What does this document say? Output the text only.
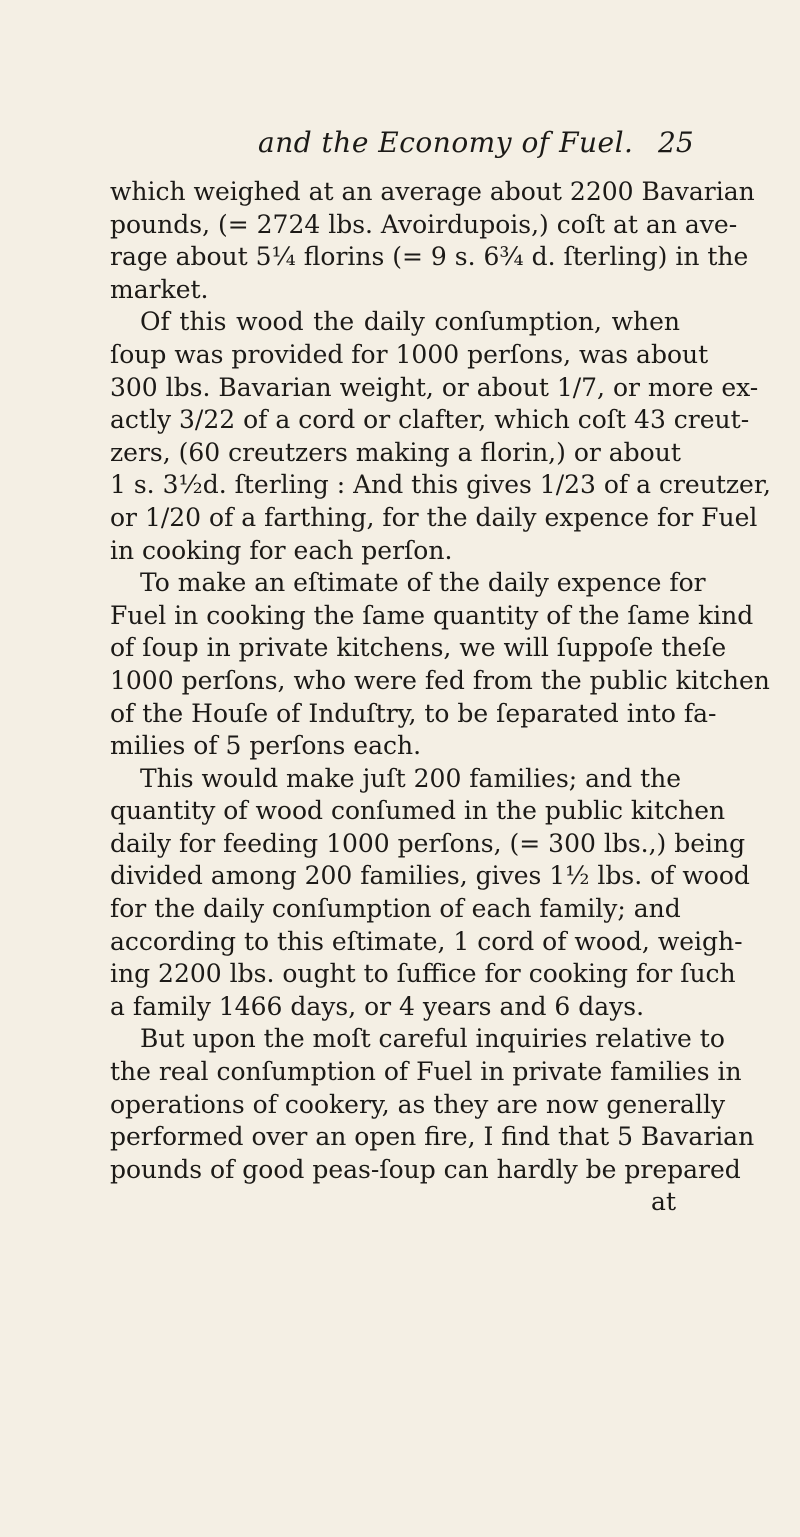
and the Economy of Fuel. 25
which weighed at an average about 2200 Bavarian
pounds, (= 2724 lbs. Avoirdupois,) coſt at an ave-
rage about 5¼ florins (= 9 s. 6¾ d. ſterling) in the
market.
Of this wood the daily conſumption, when
ſoup was provided for 1000 perſons, was about
300 lbs. Bavarian weight, or about 1/7, or more ex-
actly 3/22 of a cord or clafter, which coſt 43 creut-
zers, (60 creutzers making a florin,) or about
1 s. 3½d. ſterling : And this gives 1/23 of a creutzer,
or 1/20 of a farthing, for the daily expence for Fuel
in cooking for each perſon.
To make an eſtimate of the daily expence for
Fuel in cooking the ſame quantity of the ſame kind
of ſoup in private kitchens, we will ſuppoſe theſe
1000 perſons, who were fed from the public kitchen
of the Houſe of Induſtry, to be ſeparated into fa-
milies of 5 perſons each.
This would make juſt 200 families; and the
quantity of wood conſumed in the public kitchen
daily for feeding 1000 perſons, (= 300 lbs.,) being
divided among 200 families, gives 1½ lbs. of wood
for the daily conſumption of each family; and
according to this eſtimate, 1 cord of wood, weigh-
ing 2200 lbs. ought to ſuffice for cooking for ſuch
a family 1466 days, or 4 years and 6 days.
But upon the moſt careful inquiries relative to
the real conſumption of Fuel in private families in
operations of cookery, as they are now generally
performed over an open fire, I find that 5 Bavarian
pounds of good peas-ſoup can hardly be prepared
at
